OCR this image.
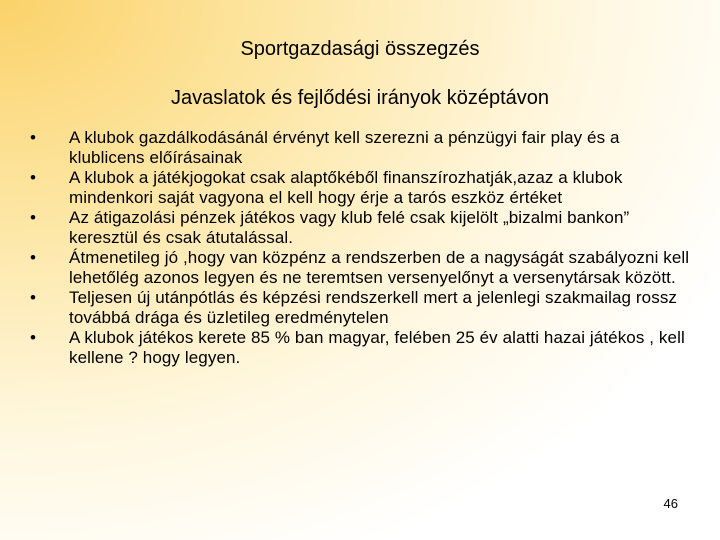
Sportgazdasági összegzés
Javaslatok és fejlődési irányok középtávon
•	A klubok gazdálkodásánál érvényt kell szerezni a pénzügyi fair play és a klublicens előírásainak
•	A klubok a játékjogokat csak alaptőkéből finanszírozhatják,azaz a klubok mindenkori saját vagyona el kell hogy érje a tarós eszköz értéket
•	Az átigazolási pénzek játékos vagy klub felé csak kijelölt „bizalmi bankon” keresztül és csak átutalással.
•	Átmenetileg jó ,hogy van közpénz a rendszerben de a nagyságát szabályozni kell lehetőlég azonos legyen és ne teremtsen versenyelőnyt a versenytársak között.
•	Teljesen új utánpótlás és képzési rendszerkell mert a jelenlegi szakmailag rossz továbbá drága és üzletileg eredménytelen
•	A klubok játékos kerete 85 % ban magyar, felében 25 év alatti hazai játékos , kell kellene ? hogy legyen.
46
